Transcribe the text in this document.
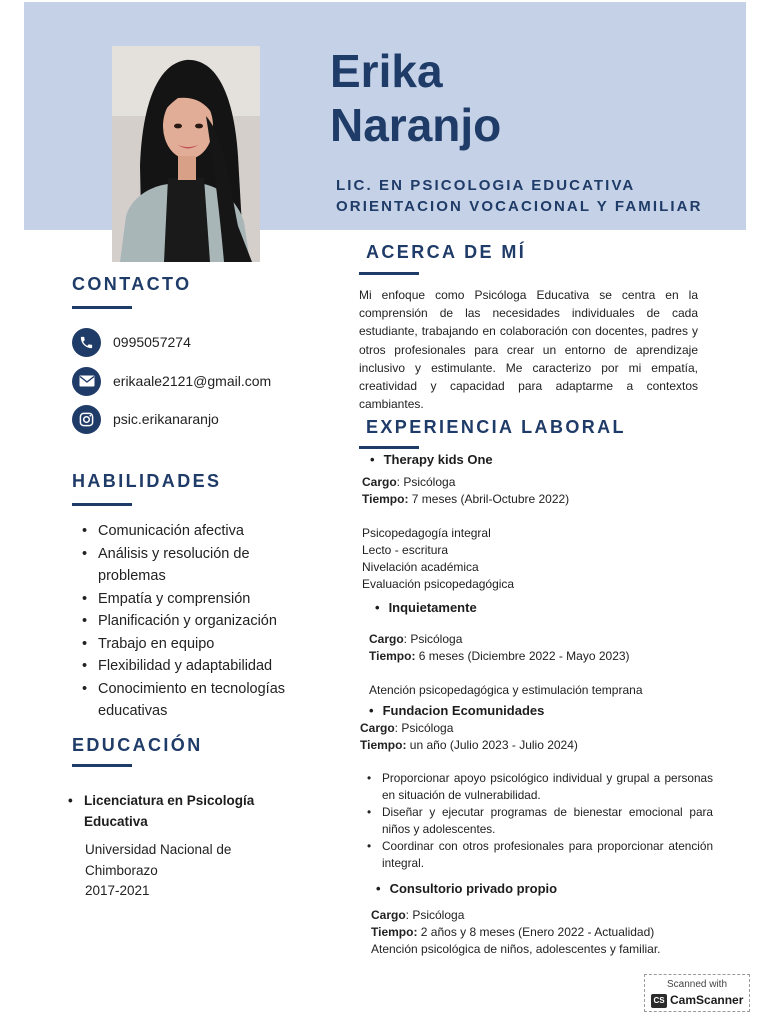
Erika
Naranjo
LIC. EN PSICOLOGIA EDUCATIVA
ORIENTACION VOCACIONAL Y FAMILIAR
CONTACTO
0995057274
erikaale2121@gmail.com
psic.erikanaranjo
HABILIDADES
• Comunicación afectiva
• Análisis y resolución de problemas
• Empatía y comprensión
• Planificación y organización
• Trabajo en equipo
• Flexibilidad y adaptabilidad
• Conocimiento en tecnologías educativas
EDUCACIÓN
• Licenciatura en Psicología Educativa
Universidad Nacional de
Chimborazo
2017-2021
ACERCA DE MÍ
Mi enfoque como Psicóloga Educativa se centra en la comprensión de las necesidades individuales de cada estudiante, trabajando en colaboración con docentes, padres y otros profesionales para crear un entorno de aprendizaje inclusivo y estimulante. Me caracterizo por mi empatía, creatividad y capacidad para adaptarme a contextos cambiantes.
EXPERIENCIA LABORAL
• Therapy kids One
Cargo: Psicóloga
Tiempo: 7 meses (Abril-Octubre 2022)
Psicopedagogía integral
Lecto - escritura
Nivelación académica
Evaluación psicopedagógica
• Inquietamente
Cargo: Psicóloga
Tiempo: 6 meses (Diciembre 2022 - Mayo 2023)
Atención psicopedagógica y estimulación temprana
• Fundacion Ecomunidades
Cargo: Psicóloga
Tiempo: un año (Julio 2023 - Julio 2024)
• Proporcionar apoyo psicológico individual y grupal a personas en situación de vulnerabilidad.
• Diseñar y ejecutar programas de bienestar emocional para niños y adolescentes.
• Coordinar con otros profesionales para proporcionar atención integral.
• Consultorio privado propio
Cargo: Psicóloga
Tiempo: 2 años y 8 meses (Enero 2022 - Actualidad)
Atención psicológica de niños, adolescentes y familiar.
Scanned with
CS CamScanner
